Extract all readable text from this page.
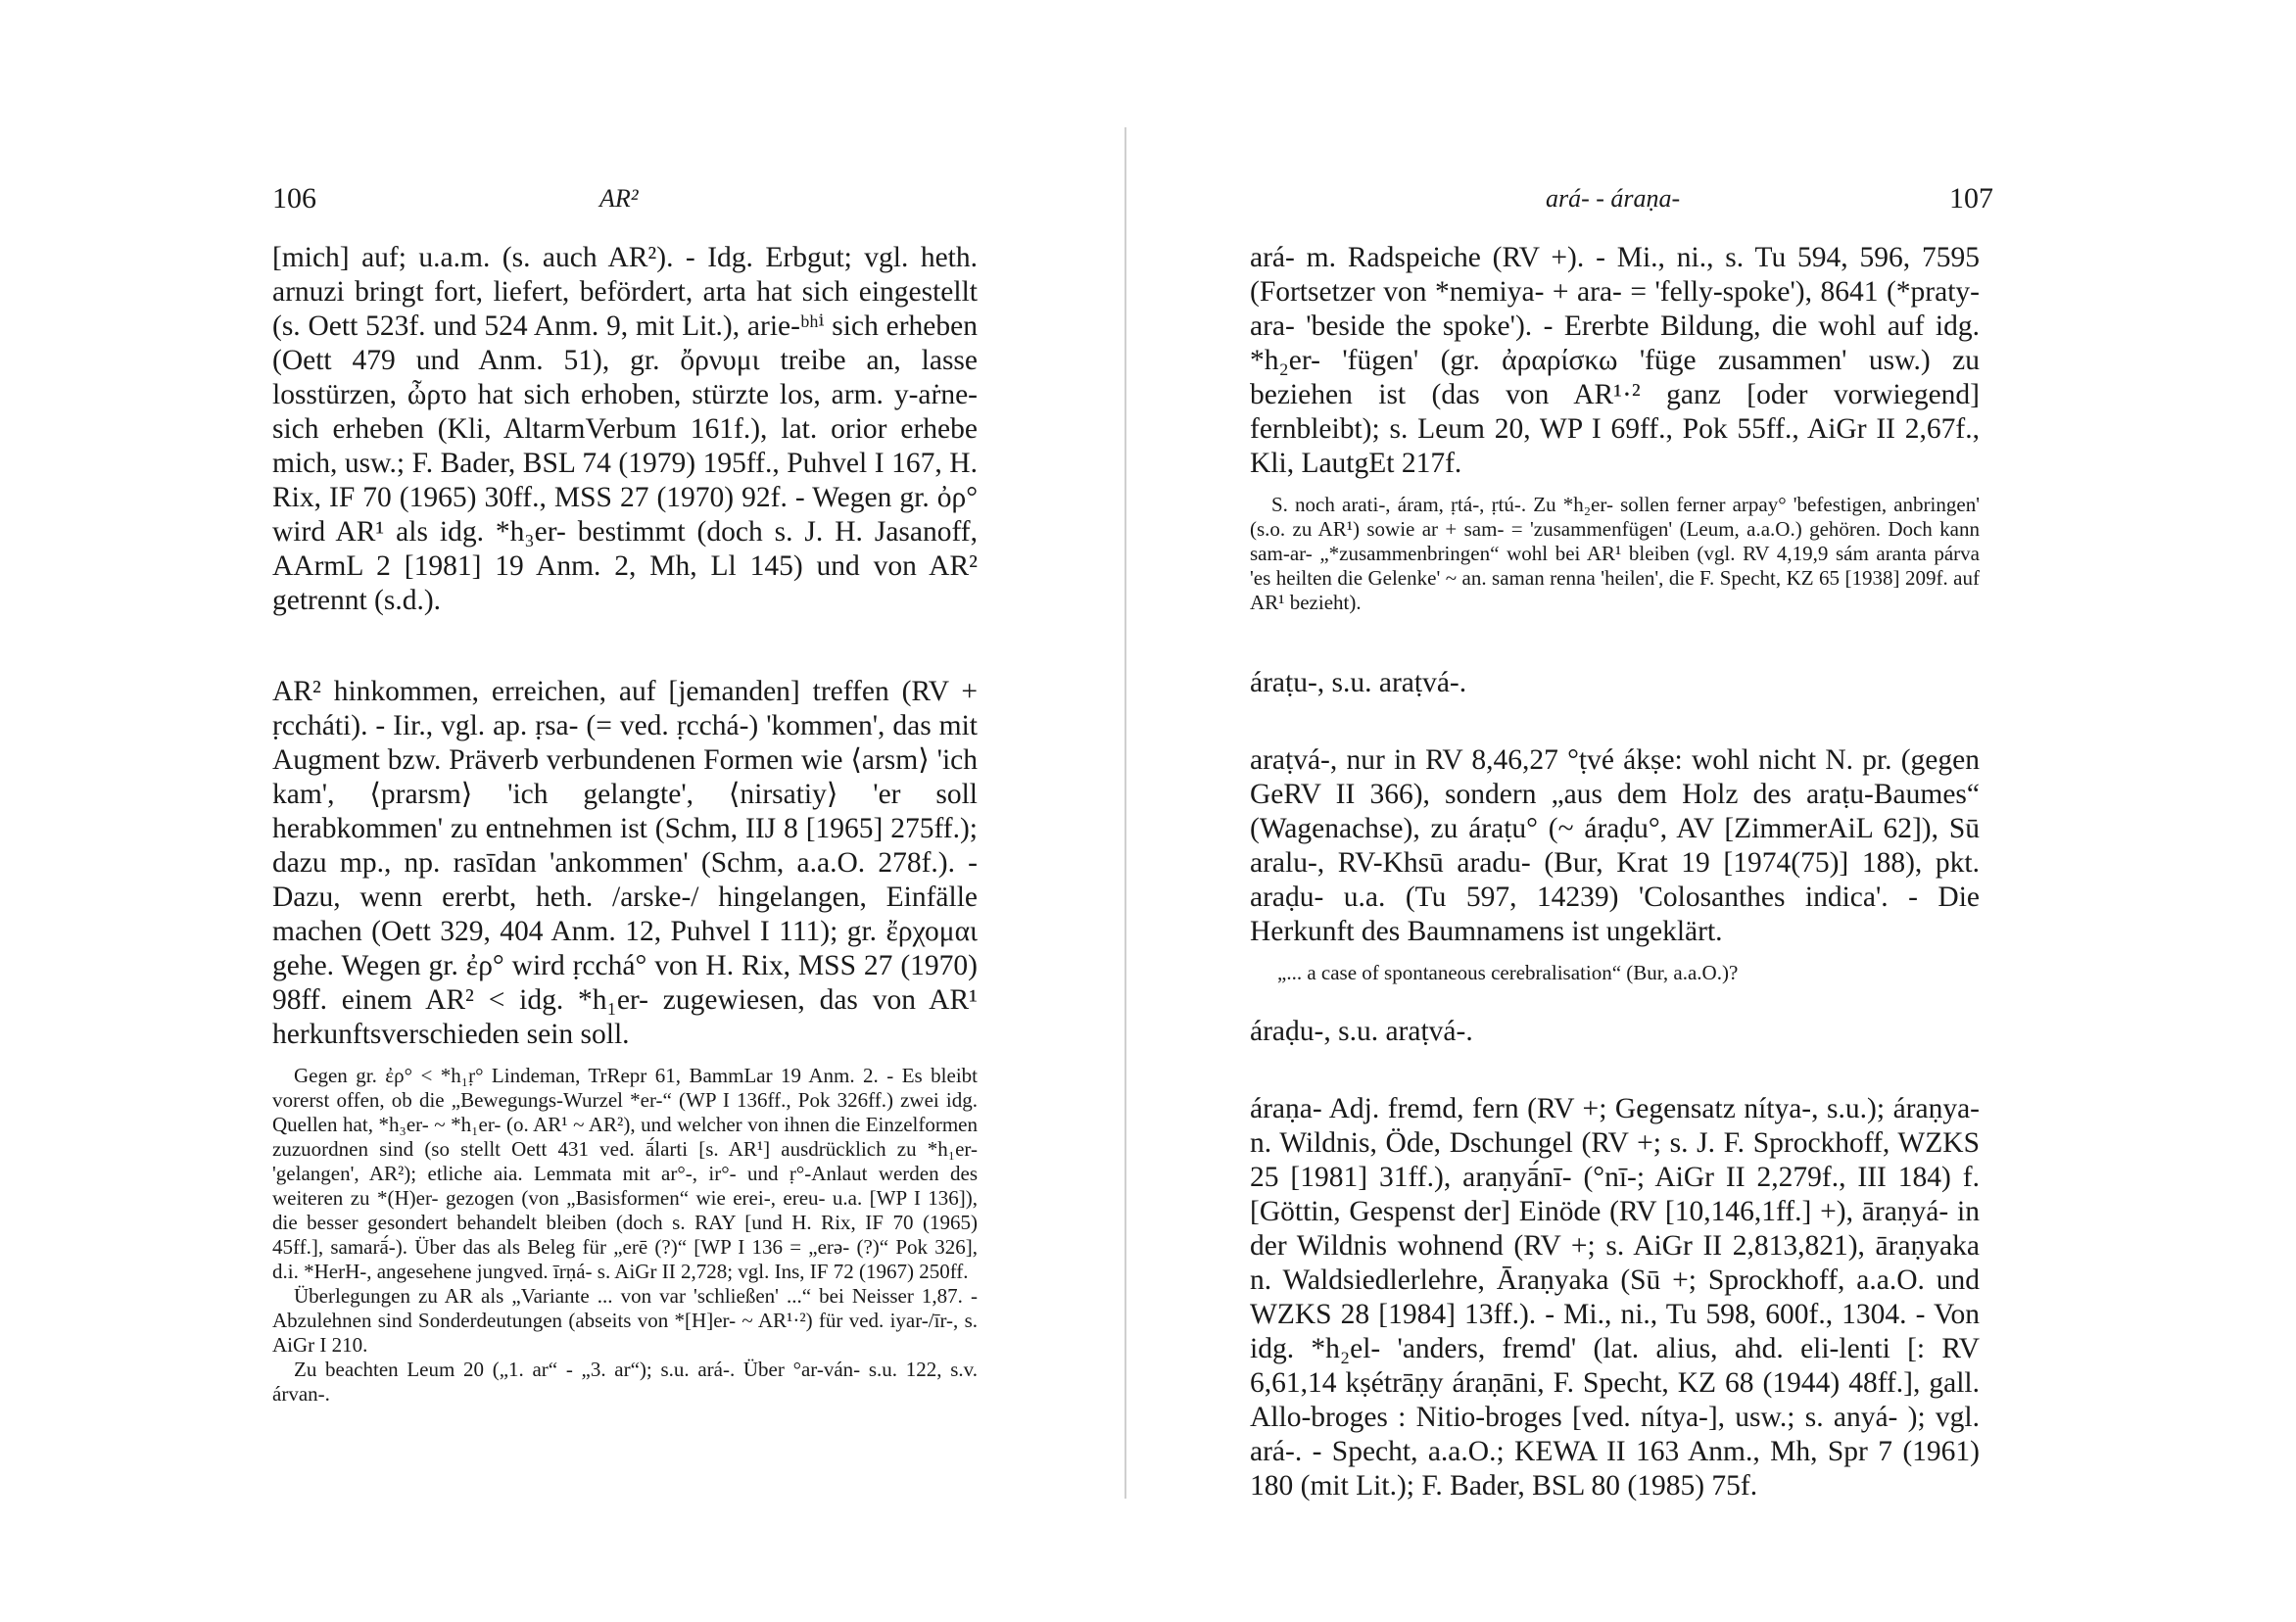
106	AR²

[mich] auf; u.a.m. (s. auch AR²). - Idg. Erbgut; vgl. heth. arnuzi bringt fort, liefert, befördert, arta hat sich eingestellt (s. Oett 523f. und 524 Anm. 9, mit Lit.), arie-ᵇʰⁱ sich erheben (Oett 479 und Anm. 51), gr. ὄρνυμι treibe an, lasse losstürzen, ὦρτο hat sich erhoben, stürzte los, arm. y-aṙne- sich erheben (Kli, AltarmVerbum 161f.), lat. orior erhebe mich, usw.; F. Bader, BSL 74 (1979) 195ff., Puhvel I 167, H. Rix, IF 70 (1965) 30ff., MSS 27 (1970) 92f. - Wegen gr. ὀρ° wird AR¹ als idg. *h₃er- bestimmt (doch s. J. H. Jasanoff, AArmL 2 [1981] 19 Anm. 2, Mh, Ll 145) und von AR² getrennt (s.d.).

AR² hinkommen, erreichen, auf [jemanden] treffen (RV + ṛccháti). - Iir., vgl. ap. ṛsa- (= ved. ṛcchá-) 'kommen', das mit Augment bzw. Präverb verbundenen Formen wie ⟨arsm⟩ 'ich kam', ⟨prarsm⟩ 'ich gelangte', ⟨nirsatiy⟩ 'er soll herabkommen' zu entnehmen ist (Schm, IIJ 8 [1965] 275ff.); dazu mp., np. rasīdan 'ankommen' (Schm, a.a.O. 278f.). - Dazu, wenn ererbt, heth. /arske-/ hingelangen, Einfälle machen (Oett 329, 404 Anm. 12, Puhvel I 111); gr. ἔρχομαι gehe. Wegen gr. ἐρ° wird ṛcchá° von H. Rix, MSS 27 (1970) 98ff. einem AR² < idg. *h₁er- zugewiesen, das von AR¹ herkunftsverschieden sein soll.

Gegen gr. ἐρ° < *h₁ṛ° Lindeman, TrRepr 61, BammLar 19 Anm. 2. - Es bleibt vorerst offen, ob die „Bewegungs-Wurzel *er-“ (WP I 136ff., Pok 326ff.) zwei idg. Quellen hat, *h₃er- ~ *h₁er- (o. AR¹ ~ AR²), und welcher von ihnen die Einzelformen zuzuordnen sind (so stellt Oett 431 ved. ā́larti [s. AR¹] ausdrücklich zu *h₁er- 'gelangen', AR²); etliche aia. Lemmata mit ar°-, ir°- und ṛ°-Anlaut werden des weiteren zu *(H)er- gezogen (von „Basisformen“ wie erei-, ereu- u.a. [WP I 136]), die besser gesondert behandelt bleiben (doch s. RAY [und H. Rix, IF 70 (1965) 45ff.], samarā́-). Über das als Beleg für „erē (?)“ [WP I 136 = „erə- (?)“ Pok 326], d.i. *HerH-, angesehene jungved. īrṇá- s. AiGr II 2,728; vgl. Ins, IF 72 (1967) 250ff.

Überlegungen zu AR als „Variante ... von var 'schließen' ...“ bei Neisser 1,87. - Abzulehnen sind Sonderdeutungen (abseits von *[H]er- ~ AR¹·²) für ved. iyar-/īr-, s. AiGr I 210.

Zu beachten Leum 20 („1. ar“ - „3. ar“); s.u. ará-. Über °ar-ván- s.u. 122, s.v. árvan-.

ará- - áraṇa-	107

ará- m. Radspeiche (RV +). - Mi., ni., s. Tu 594, 596, 7595 (Fortsetzer von *nemiya- + ara- = 'felly-spoke'), 8641 (*praty-ara- 'beside the spoke'). - Ererbte Bildung, die wohl auf idg. *h₂er- 'fügen' (gr. ἀραρίσκω 'füge zusammen' usw.) zu beziehen ist (das von AR¹·² ganz [oder vorwiegend] fernbleibt); s. Leum 20, WP I 69ff., Pok 55ff., AiGr II 2,67f., Kli, LautgEt 217f.

S. noch arati-, áram, ṛtá-, ṛtú-. Zu *h₂er- sollen ferner arpay° 'befestigen, anbringen' (s.o. zu AR¹) sowie ar + sam- = 'zusammenfügen' (Leum, a.a.O.) gehören. Doch kann sam-ar- „*zusammenbringen“ wohl bei AR¹ bleiben (vgl. RV 4,19,9 sám aranta párva 'es heilten die Gelenke' ~ an. saman renna 'heilen', die F. Specht, KZ 65 [1938] 209f. auf AR¹ bezieht).

áraṭu-, s.u. araṭvá-.

araṭvá-, nur in RV 8,46,27 °ṭvé ákṣe: wohl nicht N. pr. (gegen GeRV II 366), sondern „aus dem Holz des araṭu-Baumes“ (Wagenachse), zu áraṭu° (~ áraḍu°, AV [ZimmerAiL 62]), Sū aralu-, RV-Khsū aradu- (Bur, Krat 19 [1974(75)] 188), pkt. araḍu- u.a. (Tu 597, 14239) 'Colosanthes indica'. - Die Herkunft des Baumnamens ist ungeklärt.

„... a case of spontaneous cerebralisation“ (Bur, a.a.O.)?

áraḍu-, s.u. araṭvá-.

áraṇa- Adj. fremd, fern (RV +; Gegensatz nítya-, s.u.); áraṇya- n. Wildnis, Öde, Dschungel (RV +; s. J. F. Sprockhoff, WZKS 25 [1981] 31ff.), araṇyā́nī- (°nī-; AiGr II 2,279f., III 184) f. [Göttin, Gespenst der] Einöde (RV [10,146,1ff.] +), āraṇyá- in der Wildnis wohnend (RV +; s. AiGr II 2,813,821), āraṇyaka n. Waldsiedlerlehre, Āraṇyaka (Sū +; Sprockhoff, a.a.O. und WZKS 28 [1984] 13ff.). - Mi., ni., Tu 598, 600f., 1304. - Von idg. *h₂el- 'anders, fremd' (lat. alius, ahd. eli-lenti [: RV 6,61,14 kṣétrāṇy áraṇāni, F. Specht, KZ 68 (1944) 48ff.], gall. Allo-broges : Nitio-broges [ved. nítya-], usw.; s. anyá- ); vgl. ará-. - Specht, a.a.O.; KEWA II 163 Anm., Mh, Spr 7 (1961) 180 (mit Lit.); F. Bader, BSL 80 (1985) 75f.
